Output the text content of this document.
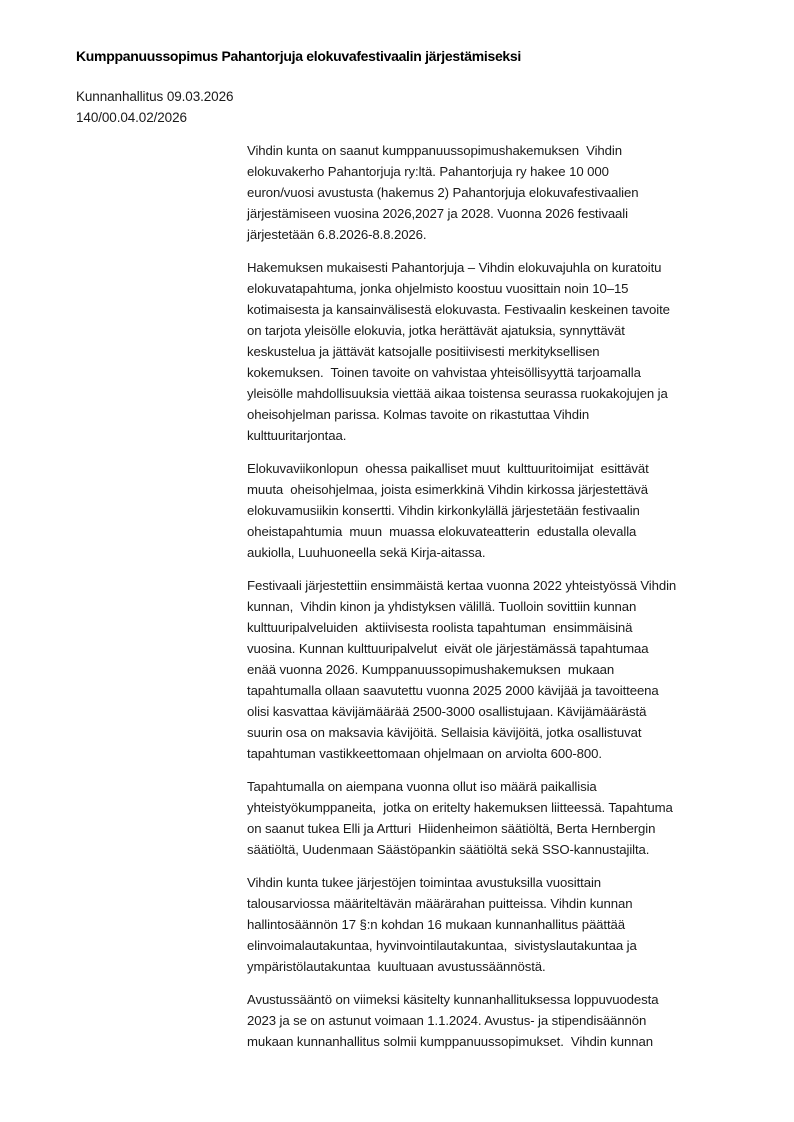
Kumppanuussopimus Pahantorjuja elokuvafestivaalin järjestämiseksi
Kunnanhallitus 09.03.2026
140/00.04.02/2026

Vihdin kunta on saanut kumppanuussopimushakemuksen  Vihdin
elokuvakerho Pahantorjuja ry:ltä. Pahantorjuja ry hakee 10 000
euron/vuosi avustusta (hakemus 2) Pahantorjuja elokuvafestivaalien
järjestämiseen vuosina 2026,2027 ja 2028. Vuonna 2026 festivaali
järjestetään 6.8.2026-8.8.2026.

Hakemuksen mukaisesti Pahantorjuja – Vihdin elokuvajuhla on kuratoitu
elokuvatapahtuma, jonka ohjelmisto koostuu vuosittain noin 10–15
kotimaisesta ja kansainvälisestä elokuvasta. Festivaalin keskeinen tavoite
on tarjota yleisölle elokuvia, jotka herättävät ajatuksia, synnyttävät
keskustelua ja jättävät katsojalle positiivisesti merkityksellisen
kokemuksen.  Toinen tavoite on vahvistaa yhteisöllisyyttä tarjoamalla
yleisölle mahdollisuuksia viettää aikaa toistensa seurassa ruokakojujen ja
oheisohjelman parissa. Kolmas tavoite on rikastuttaa Vihdin
kulttuuritarjontaa.

Elokuvaviikonlopun  ohessa paikalliset muut  kulttuuritoimijat  esittävät
muuta  oheisohjelmaa, joista esimerkkinä Vihdin kirkossa järjestettävä
elokuvamusiikin konsertti. Vihdin kirkonkylällä järjestetään festivaalin
oheistapahtumia  muun  muassa elokuvateatterin  edustalla olevalla
aukiolla, Luuhuoneella sekä Kirja-aitassa.

Festivaali järjestettiin ensimmäistä kertaa vuonna 2022 yhteistyössä Vihdin
kunnan,  Vihdin kinon ja yhdistyksen välillä. Tuolloin sovittiin kunnan
kulttuuripalveluiden  aktiivisesta roolista tapahtuman  ensimmäisinä
vuosina. Kunnan kulttuuripalvelut  eivät ole järjestämässä tapahtumaa
enää vuonna 2026. Kumppanuussopimushakemuksen  mukaan
tapahtumalla ollaan saavutettu vuonna 2025 2000 kävijää ja tavoitteena
olisi kasvattaa kävijämäärää 2500-3000 osallistujaan. Kävijämäärästä
suurin osa on maksavia kävijöitä. Sellaisia kävijöitä, jotka osallistuvat
tapahtuman vastikkeettomaan ohjelmaan on arviolta 600-800.

Tapahtumalla on aiempana vuonna ollut iso määrä paikallisia
yhteistyökumppaneita,  jotka on eritelty hakemuksen liitteessä. Tapahtuma
on saanut tukea Elli ja Artturi  Hiidenheimon säätiöltä, Berta Hernbergin
säätiöltä, Uudenmaan Säästöpankin säätiöltä sekä SSO-kannustajilta.

Vihdin kunta tukee järjestöjen toimintaa avustuksilla vuosittain
talousarviossa määriteltävän määrärahan puitteissa. Vihdin kunnan
hallintosäännön 17 §:n kohdan 16 mukaan kunnanhallitus päättää
elinvoimalautakuntaa, hyvinvointilautakuntaa,  sivistyslautakuntaa ja
ympäristölautakuntaa  kuultuaan avustussäännöstä.

Avustussääntö on viimeksi käsitelty kunnanhallituksessa loppuvuodesta
2023 ja se on astunut voimaan 1.1.2024. Avustus- ja stipendisäännön
mukaan kunnanhallitus solmii kumppanuussopimukset.  Vihdin kunnan
